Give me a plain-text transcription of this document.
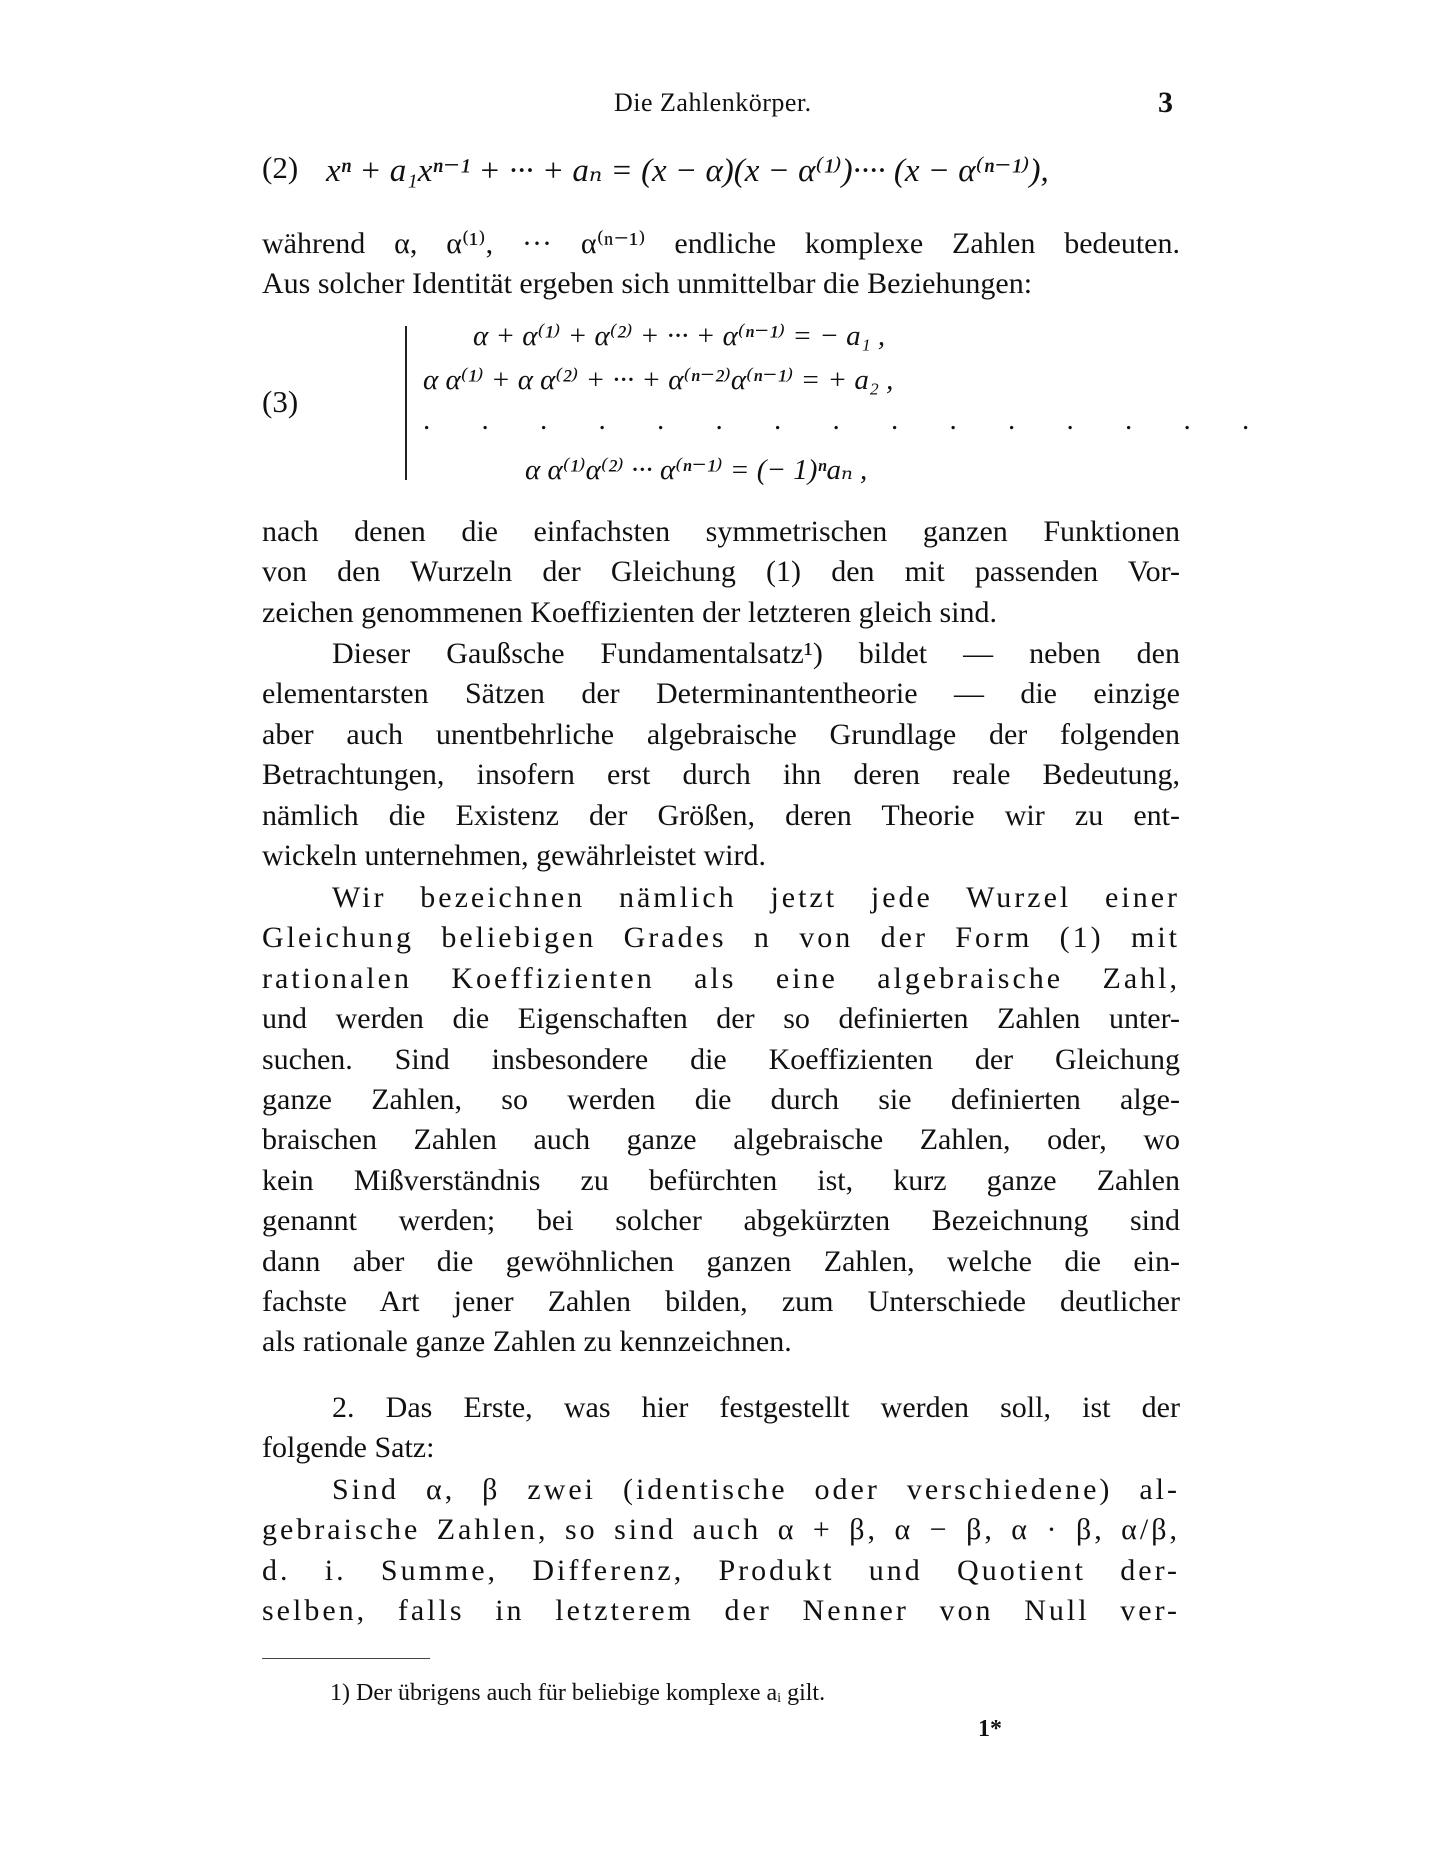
Die Zahlenkörper.	3
(2) xⁿ + a₁xⁿ⁻¹ + ··· + aₙ = (x − α)(x − α⁽¹⁾)···· (x − α⁽ⁿ⁻¹⁾),
während α, α⁽¹⁾, ··· α⁽ⁿ⁻¹⁾ endliche komplexe Zahlen bedeuten.
Aus solcher Identität ergeben sich unmittelbar die Beziehungen:
(3)
α + α⁽¹⁾ + α⁽²⁾ + ··· + α⁽ⁿ⁻¹⁾ = − a₁ ,
α α⁽¹⁾ + α α⁽²⁾ + ··· + α⁽ⁿ⁻²⁾α⁽ⁿ⁻¹⁾ = + a₂ ,
. . . . . . . . . . . . . . .
α α⁽¹⁾α⁽²⁾ ··· α⁽ⁿ⁻¹⁾ = (− 1)ⁿaₙ ,
nach denen die einfachsten symmetrischen ganzen Funktionen
von den Wurzeln der Gleichung (1) den mit passenden Vor-
zeichen genommenen Koeffizienten der letzteren gleich sind.
Dieser Gaußsche Fundamentalsatz¹) bildet — neben den
elementarsten Sätzen der Determinantentheorie — die einzige
aber auch unentbehrliche algebraische Grundlage der folgenden
Betrachtungen, insofern erst durch ihn deren reale Bedeutung,
nämlich die Existenz der Größen, deren Theorie wir zu ent-
wickeln unternehmen, gewährleistet wird.
Wir bezeichnen nämlich jetzt jede Wurzel einer
Gleichung beliebigen Grades n von der Form (1) mit
rationalen Koeffizienten als eine algebraische Zahl,
und werden die Eigenschaften der so definierten Zahlen unter-
suchen. Sind insbesondere die Koeffizienten der Gleichung
ganze Zahlen, so werden die durch sie definierten alge-
braischen Zahlen auch ganze algebraische Zahlen, oder, wo
kein Mißverständnis zu befürchten ist, kurz ganze Zahlen
genannt werden; bei solcher abgekürzten Bezeichnung sind
dann aber die gewöhnlichen ganzen Zahlen, welche die ein-
fachste Art jener Zahlen bilden, zum Unterschiede deutlicher
als rationale ganze Zahlen zu kennzeichnen.
2. Das Erste, was hier festgestellt werden soll, ist der
folgende Satz:
Sind α, β zwei (identische oder verschiedene) al-
gebraische Zahlen, so sind auch α + β, α − β, α · β, α/β,
d. i. Summe, Differenz, Produkt und Quotient der-
selben, falls in letzterem der Nenner von Null ver-
1) Der übrigens auch für beliebige komplexe aᵢ gilt.
1*
